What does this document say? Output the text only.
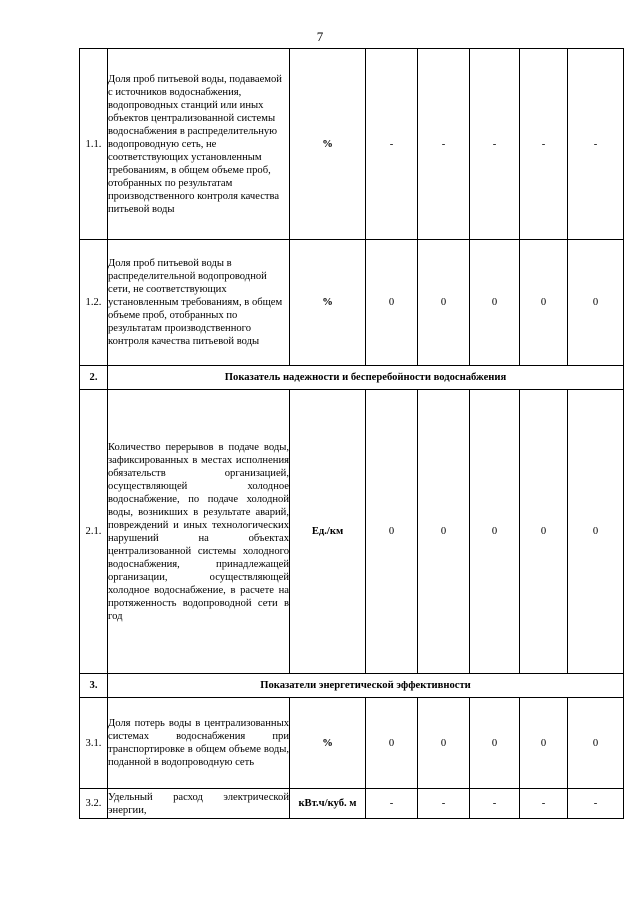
7
1.1.	Доля проб питьевой воды, подаваемой с источников водоснабжения, водопроводных станций или иных объектов централизованной системы водоснабжения в распределительную водопроводную сеть, не соответствующих установленным требованиям, в общем объеме проб, отобранных по результатам производственного контроля качества питьевой воды	%	-	-	-	-	-
1.2.	Доля проб питьевой воды в распределительной водопроводной сети, не соответствующих установленным требованиям, в общем объеме проб, отобранных по результатам производственного контроля качества питьевой воды	%	0	0	0	0	0
2.	Показатель надежности и бесперебойности водоснабжения						
2.1.	Количество перерывов в подаче воды, зафиксированных в местах исполнения обязательств организацией, осуществляющей холодное водоснабжение, по подаче холодной воды, возникших в результате аварий, повреждений и иных технологических нарушений на объектах централизованной системы холодного водоснабжения, принадлежащей организации, осуществляющей холодное водоснабжение, в расчете на протяженность водопроводной сети в год	Ед./км	0	0	0	0	0
3.	Показатели энергетической эффективности						
3.1.	Доля потерь воды в централизованных системах водоснабжения при транспортировке в общем объеме воды, поданной в водопроводную сеть	%	0	0	0	0	0
3.2.	Удельный расход электрической энергии,	кВт.ч/куб. м	-	-	-	-	-
